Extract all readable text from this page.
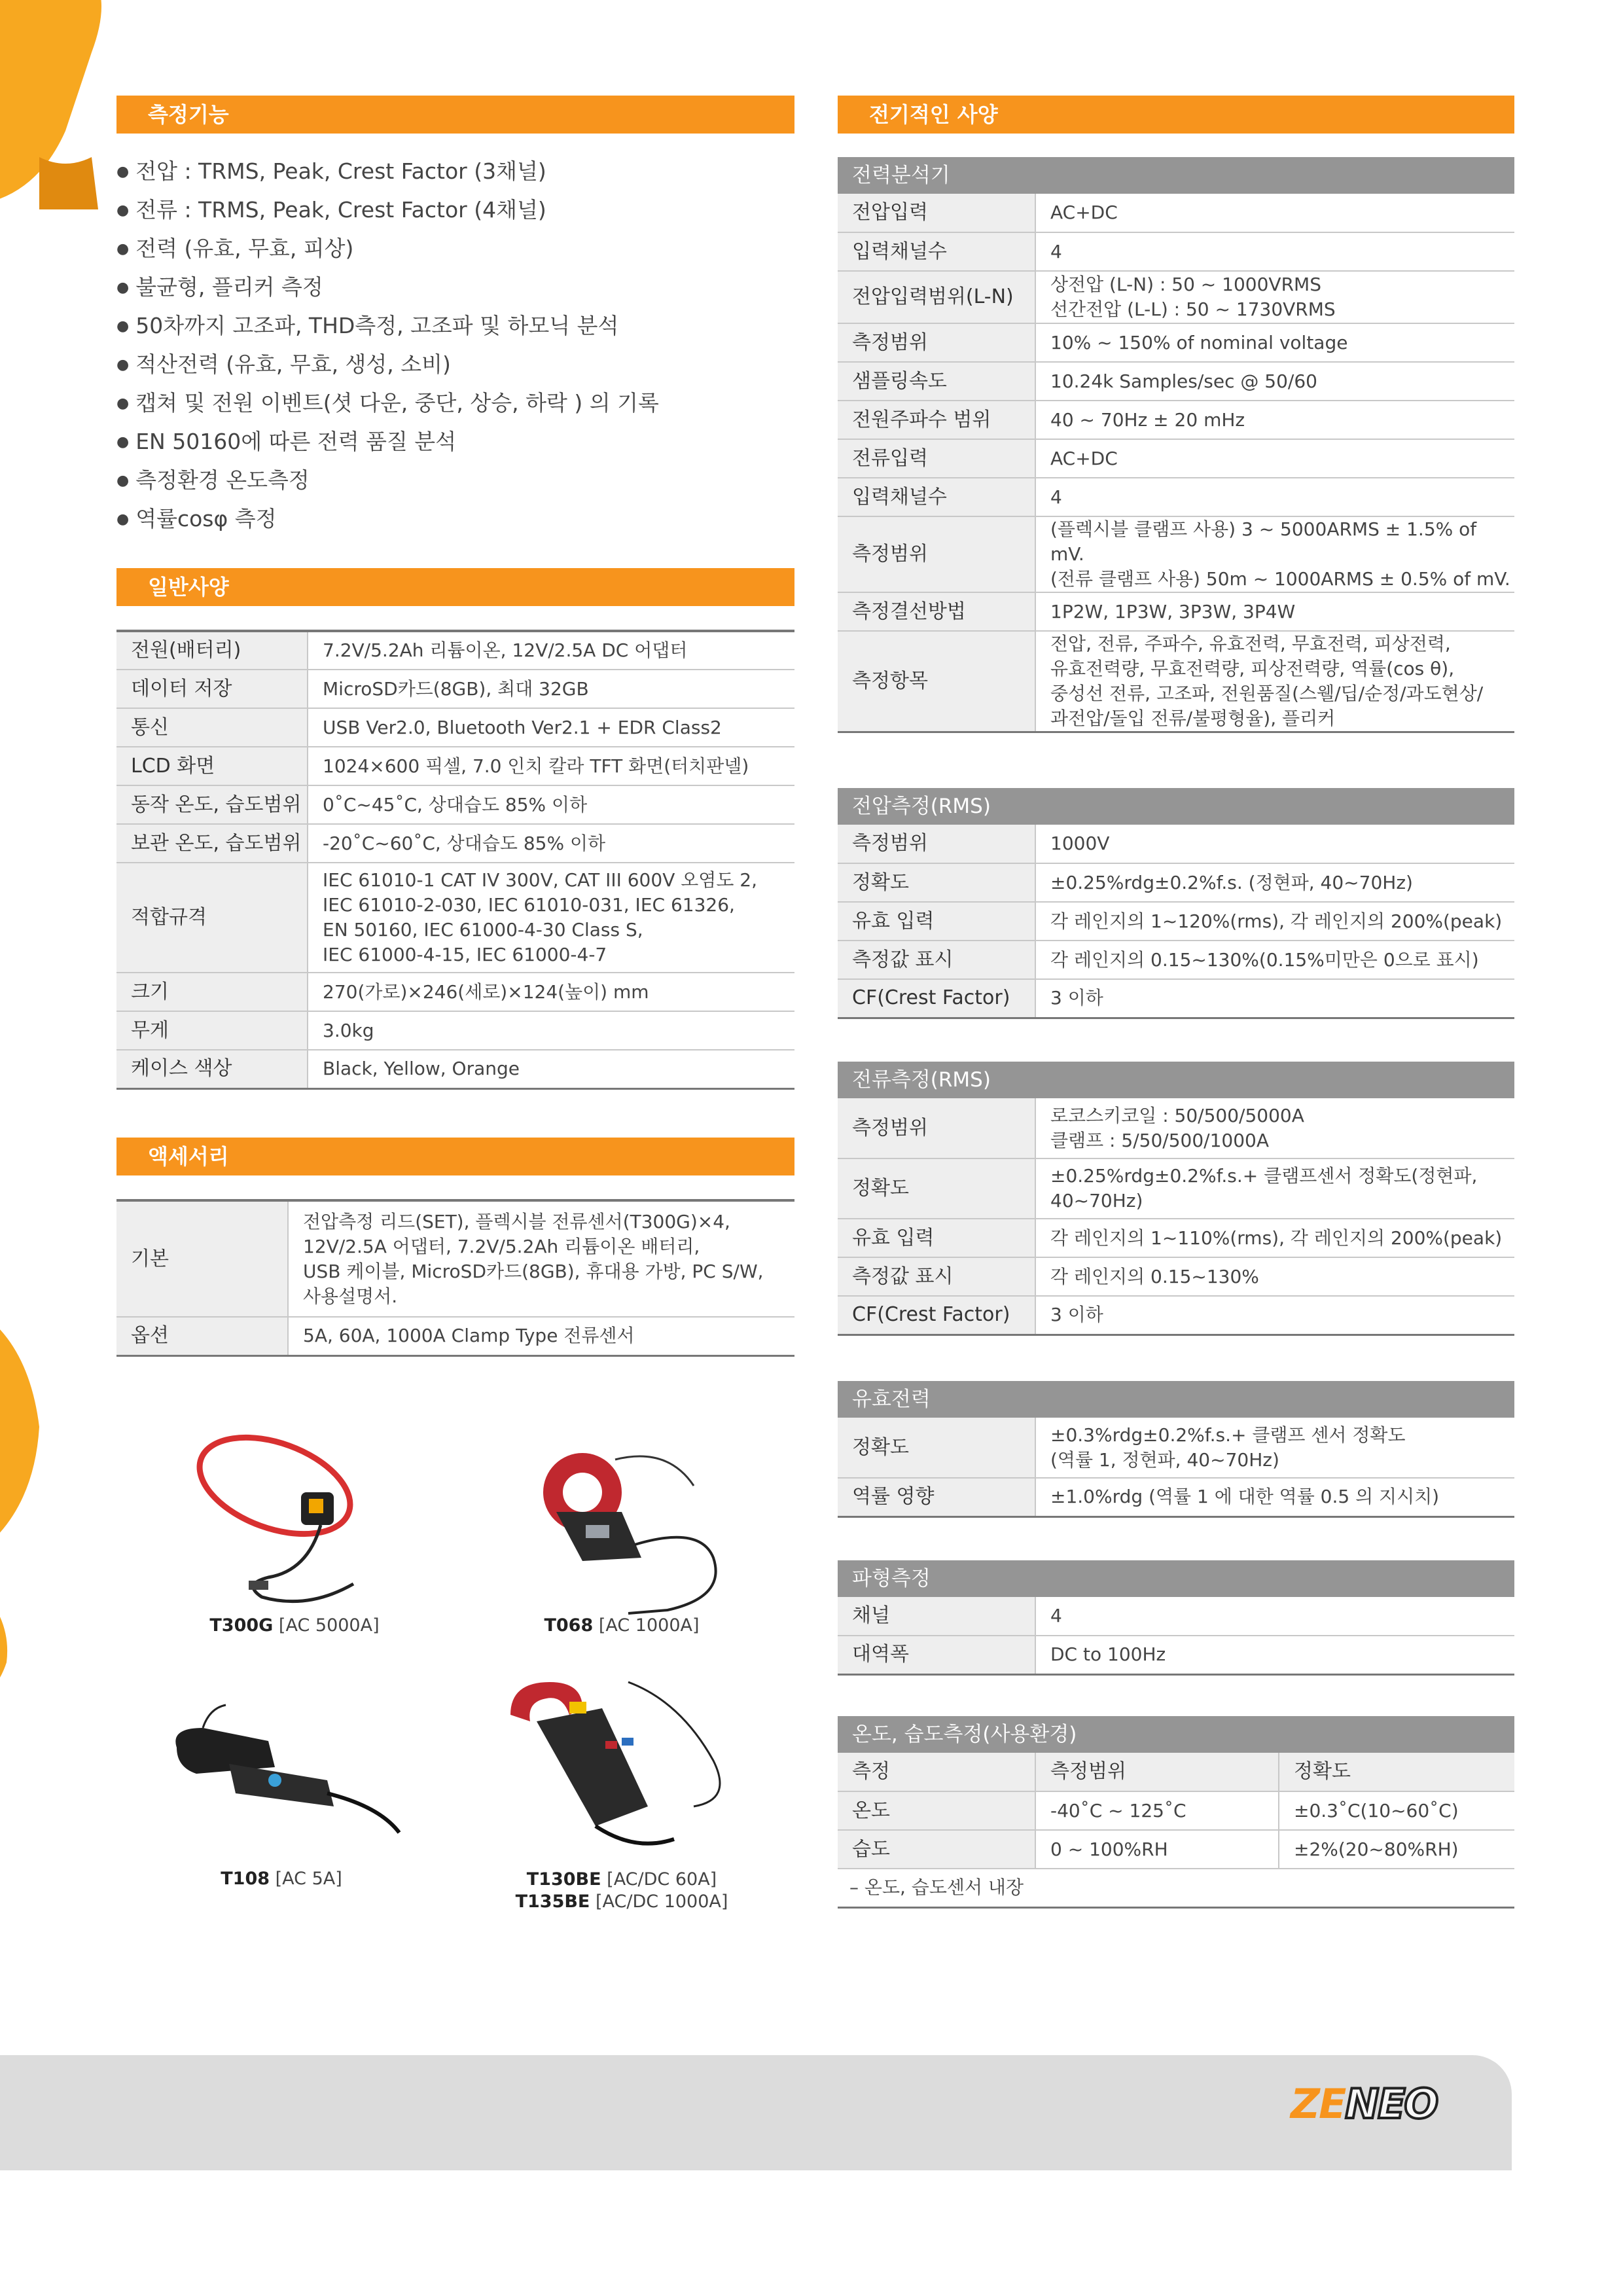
측정기능
● 전압 : TRMS, Peak, Crest Factor (3채널)
● 전류 : TRMS, Peak, Crest Factor (4채널)
● 전력 (유효, 무효, 피상)
● 불균형, 플리커 측정
● 50차까지 고조파, THD측정, 고조파 및 하모닉 분석
● 적산전력 (유효, 무효, 생성, 소비)
● 캡쳐 및 전원 이벤트(셧 다운, 중단, 상승, 하락 ) 의 기록
● EN 50160에 따른 전력 품질 분석
● 측정환경 온도측정
● 역률cosφ 측정
일반사양
전원(배터리)	7.2V/5.2Ah 리튬이온, 12V/2.5A DC 어댑터
데이터 저장	MicroSD카드(8GB), 최대 32GB
통신	USB Ver2.0, Bluetooth Ver2.1 + EDR Class2
LCD 화면	1024×600 픽셀, 7.0 인치 칼라 TFT 화면(터치판넬)
동작 온도, 습도범위	0˚C~45˚C, 상대습도 85% 이하
보관 온도, 습도범위	-20˚C~60˚C, 상대습도 85% 이하
적합규격	IEC 61010-1 CAT IV 300V, CAT III 600V 오염도 2,
IEC 61010-2-030, IEC 61010-031, IEC 61326,
EN 50160, IEC 61000-4-30 Class S,
IEC 61000-4-15, IEC 61000-4-7
크기	270(가로)×246(세로)×124(높이) mm
무게	3.0kg
케이스 색상	Black, Yellow, Orange
액세서리
기본	전압측정 리드(SET), 플렉시블 전류센서(T300G)×4,
12V/2.5A 어댑터, 7.2V/5.2Ah 리튬이온 배터리,
USB 케이블, MicroSD카드(8GB), 휴대용 가방, PC S/W,
사용설명서.
옵션	5A, 60A, 1000A Clamp Type 전류센서
T300G [AC 5000A]	T068 [AC 1000A]
T108 [AC 5A]	T130BE [AC/DC 60A]
T135BE [AC/DC 1000A]
전기적인 사양
전력분석기	
전압입력	AC+DC
입력채널수	4
전압입력범위(L-N)	상전압 (L-N) : 50 ~ 1000VRMS
선간전압 (L-L) : 50 ~ 1730VRMS
측정범위	10% ~ 150% of nominal voltage
샘플링속도	10.24k Samples/sec @ 50/60
전원주파수 범위	40 ~ 70Hz ± 20 mHz
전류입력	AC+DC
입력채널수	4
측정범위	(플렉시블 클램프 사용) 3 ~ 5000ARMS ± 1.5% of mV.
(전류 클램프 사용) 50m ~ 1000ARMS ± 0.5% of mV.
측정결선방법	1P2W, 1P3W, 3P3W, 3P4W
측정항목	전압, 전류, 주파수, 유효전력, 무효전력, 피상전력,
유효전력량, 무효전력량, 피상전력량, 역률(cos θ),
중성선 전류, 고조파, 전원품질(스웰/딥/순정/과도현상/
과전압/돌입 전류/불평형율), 플리커
전압측정(RMS)	
측정범위	1000V
정확도	±0.25%rdg±0.2%f.s. (정현파, 40~70Hz)
유효 입력	각 레인지의 1~120%(rms), 각 레인지의 200%(peak)
측정값 표시	각 레인지의 0.15~130%(0.15%미만은 0으로 표시)
CF(Crest Factor)	3 이하
전류측정(RMS)	
측정범위	로코스키코일 : 50/500/5000A
클램프 : 5/50/500/1000A
정확도	±0.25%rdg±0.2%f.s.+ 클램프센서 정확도(정현파,
40~70Hz)
유효 입력	각 레인지의 1~110%(rms), 각 레인지의 200%(peak)
측정값 표시	각 레인지의 0.15~130%
CF(Crest Factor)	3 이하
유효전력	
정확도	±0.3%rdg±0.2%f.s.+ 클램프 센서 정확도
(역률 1, 정현파, 40~70Hz)
역률 영향	±1.0%rdg (역률 1 에 대한 역률 0.5 의 지시치)
파형측정	
채널	4
대역폭	DC to 100Hz
온도, 습도측정(사용환경)		
측정	측정범위	정확도
온도	-40˚C ~ 125˚C	±0.3˚C(10~60˚C)
습도	0 ~ 100%RH	±2%(20~80%RH)
– 온도, 습도센서 내장		
ZENEO
